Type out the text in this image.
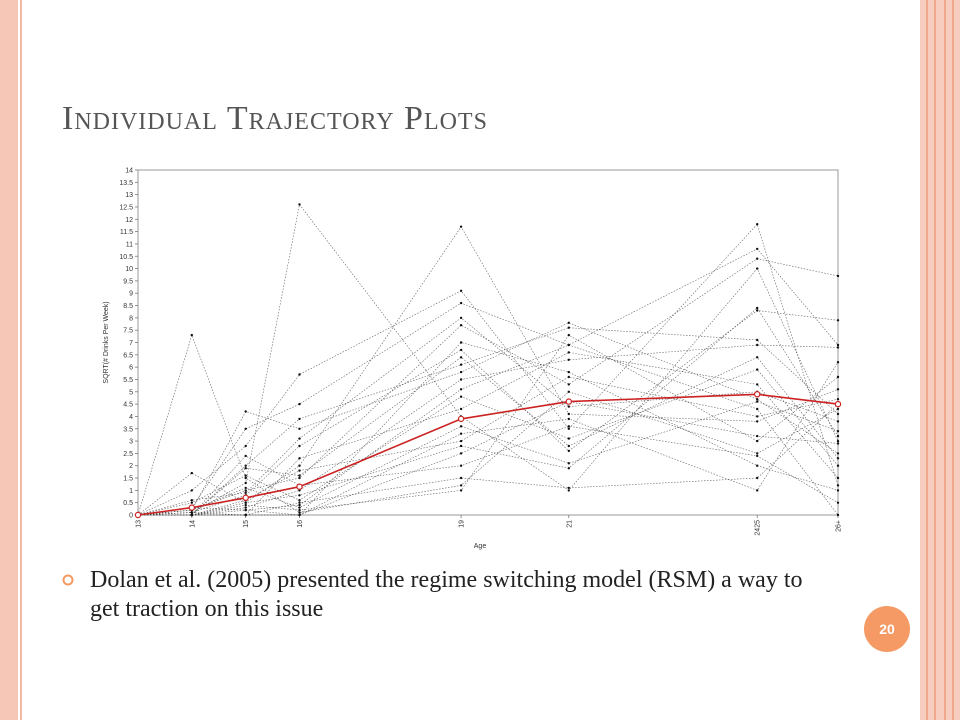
Individual Trajectory Plots
0
0.5
1
1.5
2
2.5
3
3.5
4
4.5
5
5.5
6
6.5
7
7.5
8
8.5
9
9.5
10
10.5
11
11.5
12
12.5
13
13.5
14
13	14	15	16	19	21	2425	26+
Age
SQRT(# Drinks Per Week)
Dolan et al. (2005) presented the regime switching model (RSM) a way to get traction on this issue
20
